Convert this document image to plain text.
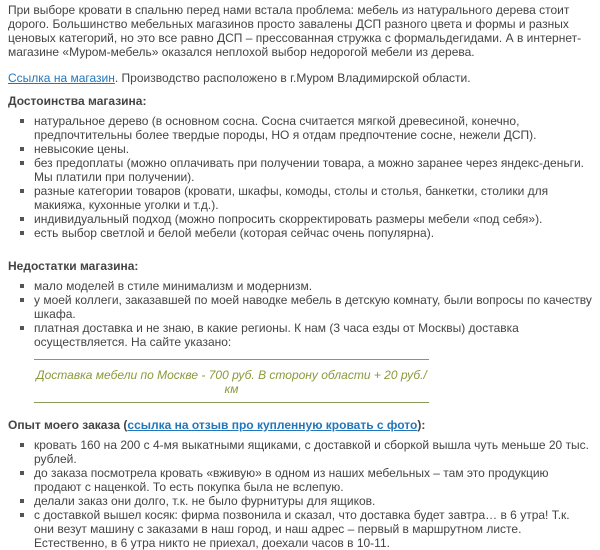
При выборе кровати в спальню перед нами встала проблема: мебель из натурального дерева стоит дорого. Большинство мебельных магазинов просто завалены ДСП разного цвета и формы и разных ценовых категорий, но это все равно ДСП – прессованная стружка с формальдегидами. А в интернет-магазине «Муром-мебель» оказался неплохой выбор недорогой мебели из дерева.

Ссылка на магазин. Производство расположено в г.Муром Владимирской области.

Достоинства магазина:
натуральное дерево (в основном сосна. Сосна считается мягкой древесиной, конечно, предпочтительны более твердые породы, НО я отдам предпочтение сосне, нежели ДСП).
невысокие цены.
без предоплаты (можно оплачивать при получении товара, а можно заранее через яндекс-деньги. Мы платили при получении).
разные категории товаров (кровати, шкафы, комоды, столы и столья, банкетки, столики для макияжа, кухонные уголки и т.д.).
индивидуальный подход (можно попросить скорректировать размеры мебели «под себя»).
есть выбор светлой и белой мебели (которая сейчас очень популярна).
Недостатки магазина:
мало моделей в стиле минимализм и модернизм.
у моей коллеги, заказавшей по моей наводке мебель в детскую комнату, были вопросы по качеству шкафа.
платная доставка и не знаю, в какие регионы. К нам (3 часа езды от Москвы) доставка осуществляется. На сайте указано:
Доставка мебели по Москве - 700 руб. В сторону области + 20 руб./км
Опыт моего заказа (ссылка на отзыв про купленную кровать с фото):
кровать 160 на 200 с 4-мя выкатными ящиками, с доставкой и сборкой вышла чуть меньше 20 тыс. рублей.
до заказа посмотрела кровать «вживую» в одном из наших мебельных – там это продукцию продают с наценкой. То есть покупка была не вслепую.
делали заказ они долго, т.к. не было фурнитуры для ящиков.
с доставкой вышел косяк: фирма позвонила и сказал, что доставка будет завтра… в 6 утра! Т.к. они везут машину с заказами в наш город, и наш адрес – первый в маршрутном листе. Естественно, в 6 утра никто не приехал, доехали часов в 10-11.
